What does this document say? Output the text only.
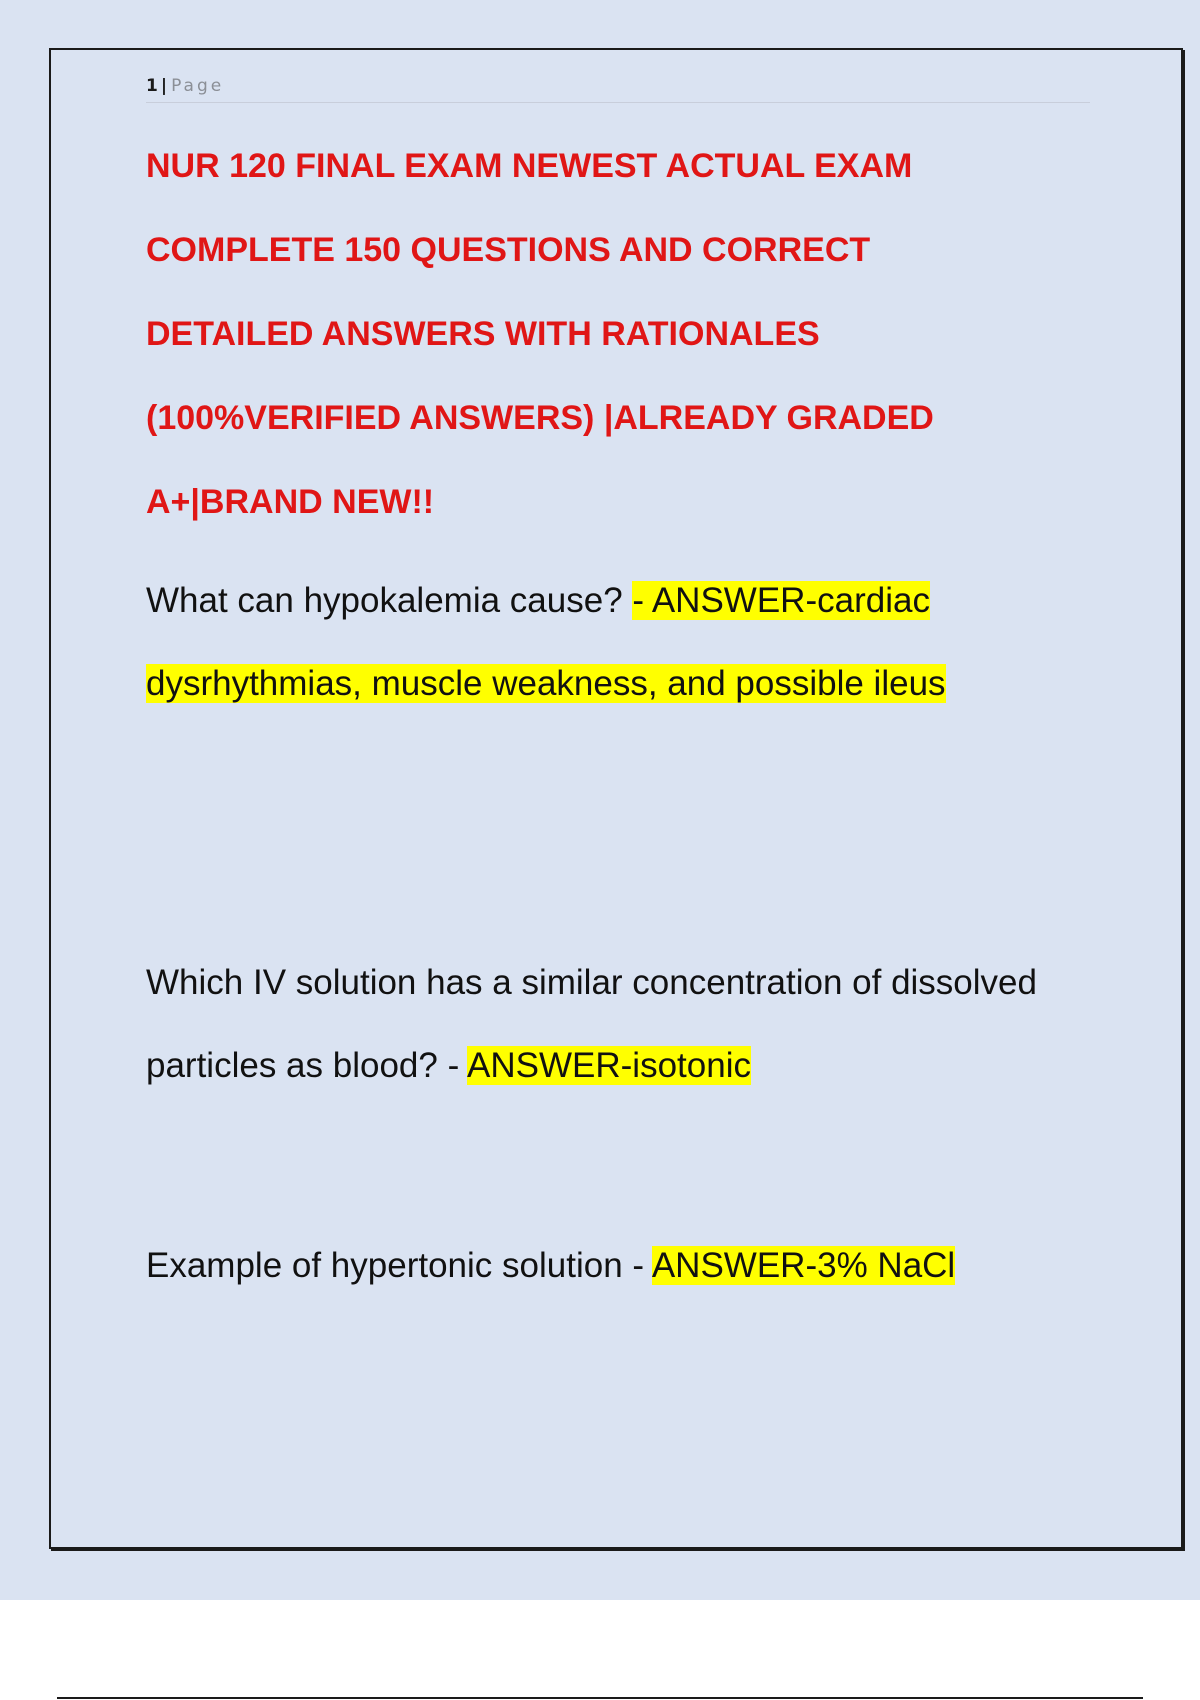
1 | Page
NUR 120 FINAL EXAM NEWEST ACTUAL EXAM
COMPLETE 150 QUESTIONS AND CORRECT
DETAILED ANSWERS WITH RATIONALES
(100%VERIFIED ANSWERS) |ALREADY GRADED
A+|BRAND NEW!!

What can hypokalemia cause? - ANSWER-cardiac
dysrhythmias, muscle weakness, and possible ileus

Which IV solution has a similar concentration of dissolved
particles as blood? - ANSWER-isotonic

Example of hypertonic solution - ANSWER-3% NaCl
